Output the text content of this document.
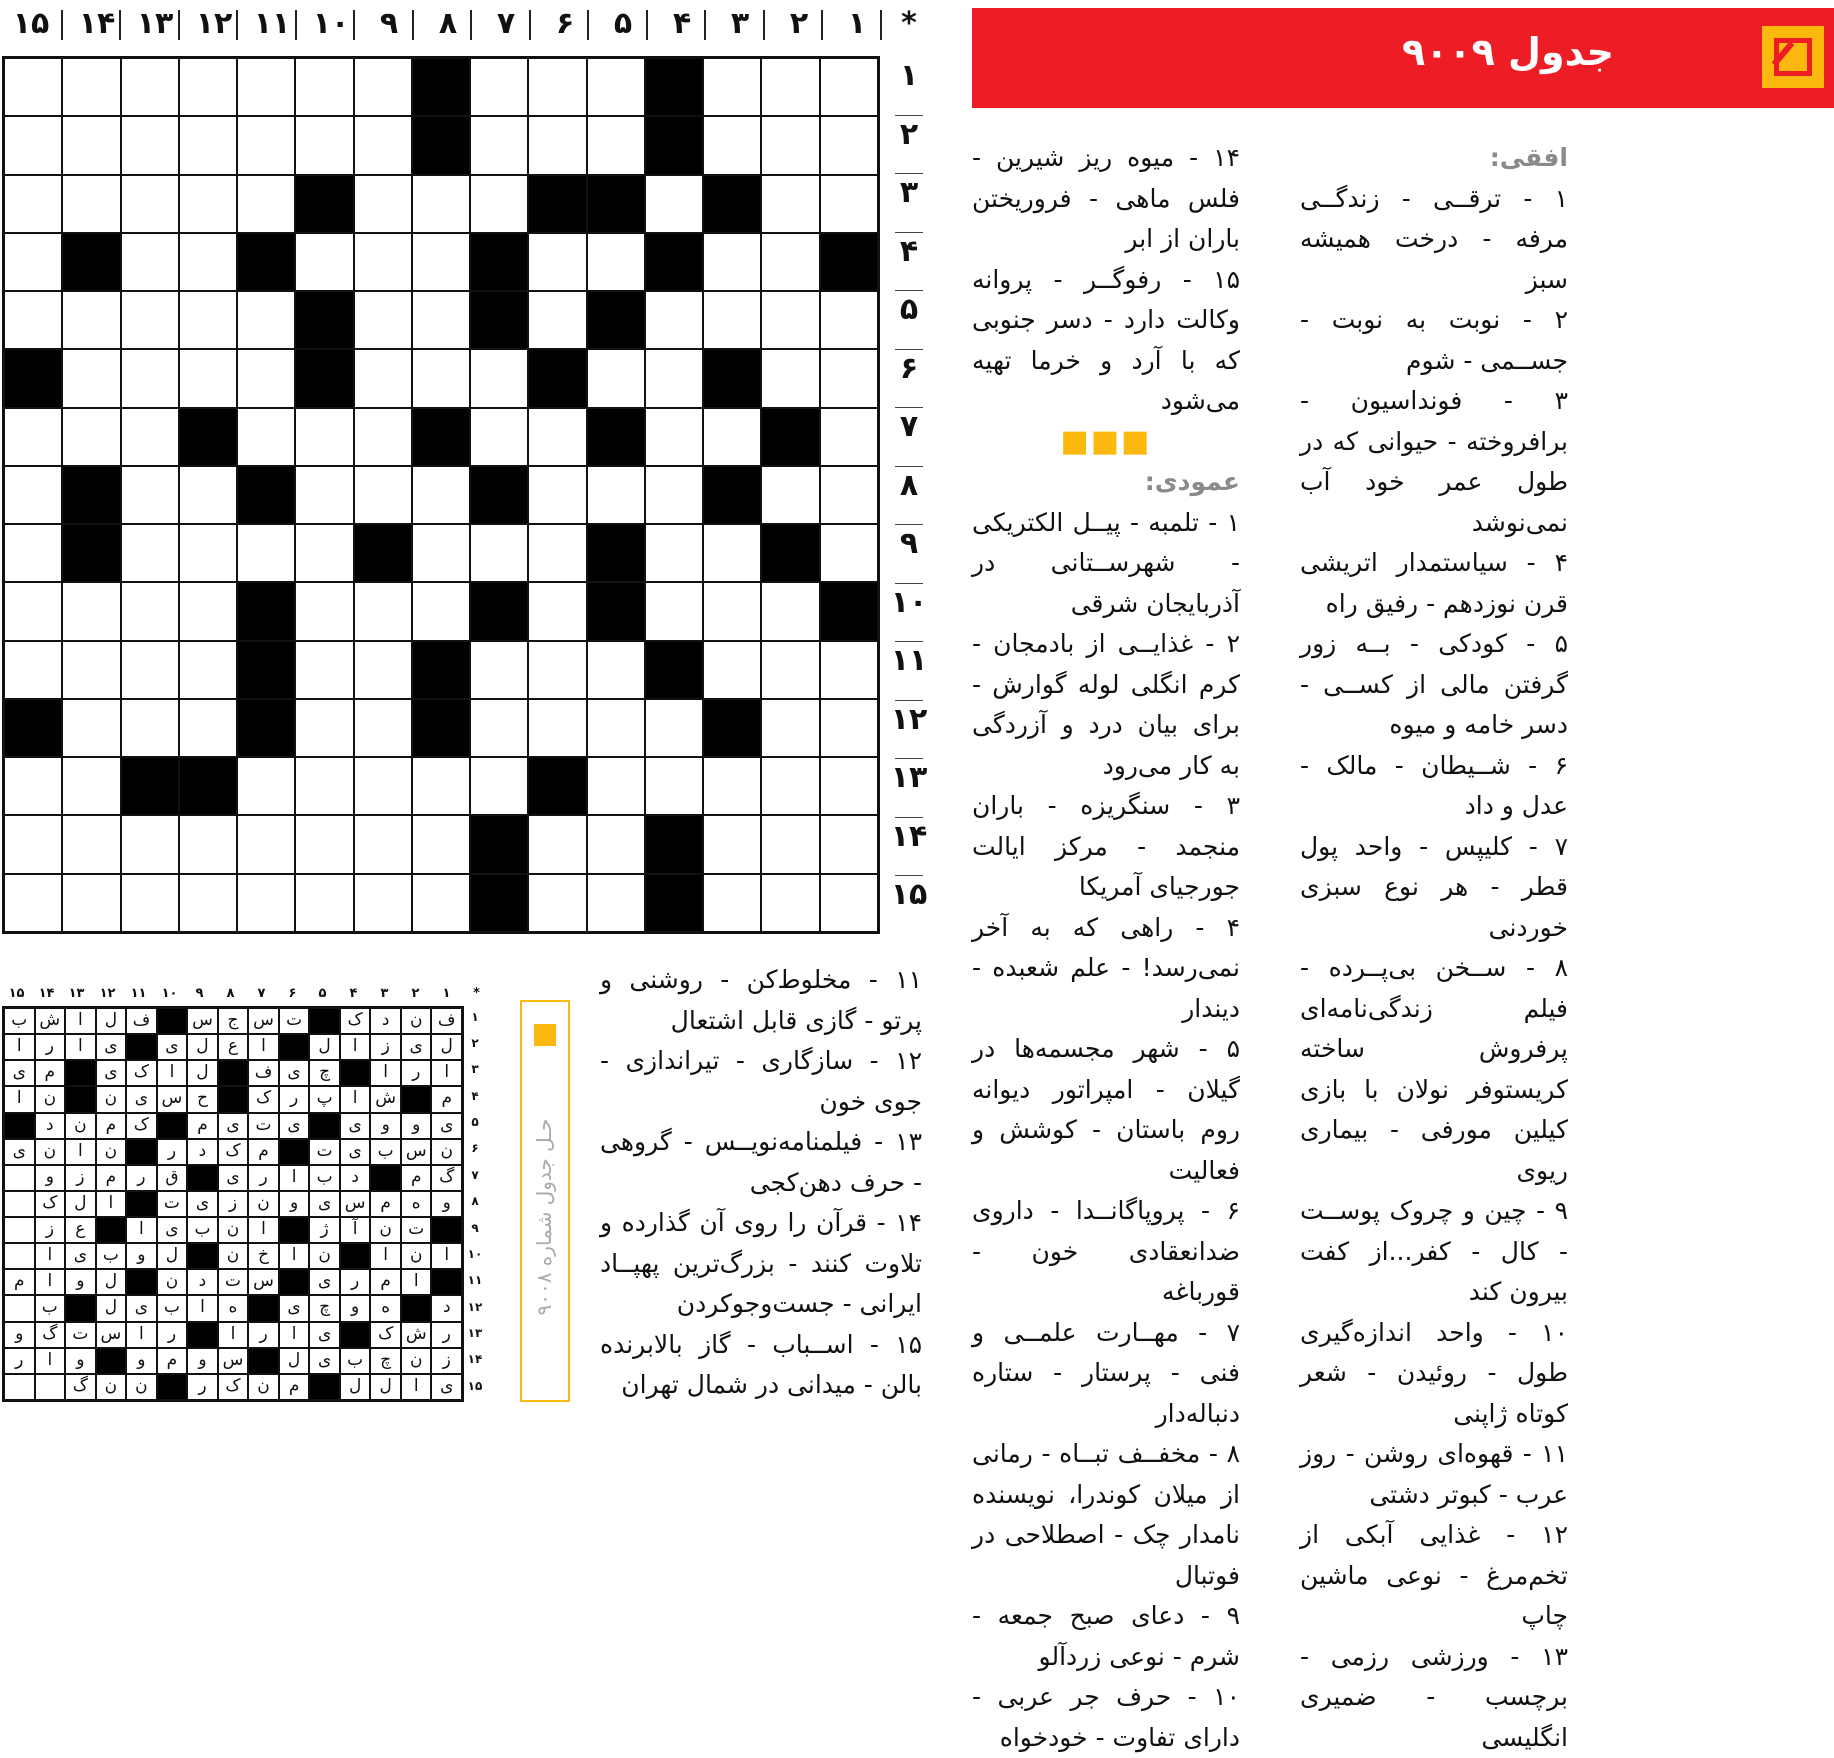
*
۱
۲
۳
۴
۵
۶
۷
۸
۹
۱۰
۱۱
۱۲
۱۳
۱۴
۱۵
۱
۲
۳
۴
۵
۶
۷
۸
۹
۱۰
۱۱
۱۲
۱۳
۱۴
۱۵
جدول ۹۰۰۹
افقی:
۱ - ترقــی - زندگــی مرفه - درخت همیشه سبز
۲ - نوبت به نوبت - جســمی - شوم
۳ - فونداسیون - برافروخته - حیوانی که در طول عمر خود آب نمی‌نوشد
۴ - سیاستمدار اتریشی قرن نوزدهم - رفیق راه
۵ - کودکی - بــه زور گرفتن مالی از کســی - دسر خامه و میوه
۶ - شــیطان - مالک - عدل و داد
۷ - کلیپس - واحد پول قطر - هر نوع سبزی خوردنی
۸ - ســخن بی‌پــرده - فیلم زندگی‌نامه‌ای پرفروش ساخته کریستوفر نولان با بازی کیلین مورفی - بیماری ریوی
۹ - چین و چروک پوســت - کال - کفر...از کفت بیرون کند
۱۰ - واحد اندازه‌گیری طول - روئیدن - شعر کوتاه ژاپنی
۱۱ - قهوه‌ای روشن - روز عرب - کبوتر دشتی
۱۲ - غذایی آبکی از تخم‌مرغ - نوعی ماشین چاپ
۱۳ - ورزشی رزمی - برچسب - ضمیری انگلیسی
۱۴ - میوه ریز شیرین - فلس ماهی - فروریختن باران از ابر
۱۵ - رفوگــر - پروانه وکالت دارد - دسر جنوبی که با آرد و خرما تهیه می‌شود
■■■
عمودی:
۱ - تلمبه - پیــل الکتریکی - شهرســتانی در آذربایجان شرقی
۲ - غذایــی از بادمجان - کرم انگلی لوله گوارش - برای بیان درد و آزردگی به کار می‌رود
۳ - سنگریزه - باران منجمد - مرکز ایالت جورجیای آمریکا
۴ - راهی که به آخر نمی‌رسد! - علم شعبده - دیندار
۵ - شهر مجسمه‌ها در گیلان - امپراتور دیوانه روم باستان - کوشش و فعالیت
۶ - پروپاگانــدا - داروی ضدانعقادی خون - قورباغه
۷ - مهــارت علمــی و فنی - پرستار - ستاره دنباله‌دار
۸ - مخفــف تبــاه - رمانی از میلان کوندرا، نویسنده نامدار چک - اصطلاحی در فوتبال
۹ - دعای صبح جمعه - شرم - نوعی زردآلو
۱۰ - حرف جر عربی - دارای تفاوت - خودخواه
۱۱ - مخلوط‌کن - روشنی و پرتو - گازی قابل اشتعال
۱۲ - سازگاری - تیراندازی - جوی خون
۱۳ - فیلمنامه‌نویــس - گروهی - حرف دهن‌کجی
۱۴ - قرآن را روی آن گذارده و تلاوت کنند - بزرگ‌ترین پهپــاد ایرانی - جست‌وجوکردن
۱۵ - اســباب - گاز بالابرنده بالن - میدانی در شمال تهران
*
۱
۲
۳
۴
۵
۶
۷
۸
۹
۱۰
۱۱
۱۲
۱۳
۱۴
۱۵
ف
ن
د
ک
ت
س
ج
س
ف
ل
ا
ش
ب
ل
ی
ز
ا
ل
ا
ع
ل
ی
ی
ا
ر
ا
ا
ر
ا
چ
ی
ف
ل
ا
ک
ی
م
ی
م
ش
ا
پ
ر
ک
ح
س
ی
ن
ن
ا
ی
و
و
ی
ی
ت
ی
م
ک
م
ن
د
ن
س
ب
ی
ت
م
ک
د
ر
ن
ا
ن
ی
گ
م
د
ب
ا
ر
ی
ق
ر
م
ز
و
و
ه
م
س
ی
و
ن
ز
ی
ت
ا
ل
ک
ت
ن
آ
ژ
ا
ن
ب
ی
ا
ع
ز
ا
ن
ا
ن
ا
خ
ن
ل
و
ب
ی
ا
ا
م
ر
ی
س
ت
د
ن
ل
و
ا
م
د
ه
و
چ
ی
ه
ا
ب
ی
ل
ب
ر
ش
ک
ی
ا
ر
ا
ر
ا
س
ت
گ
و
ز
ن
چ
ب
ی
ل
س
و
م
و
و
ا
ر
ی
ا
ل
ل
م
ن
ک
ر
ن
ن
گ
۱
۲
۳
۴
۵
۶
۷
۸
۹
۱۰
۱۱
۱۲
۱۳
۱۴
۱۵
حـل جدول شماره ۹۰۰۸
